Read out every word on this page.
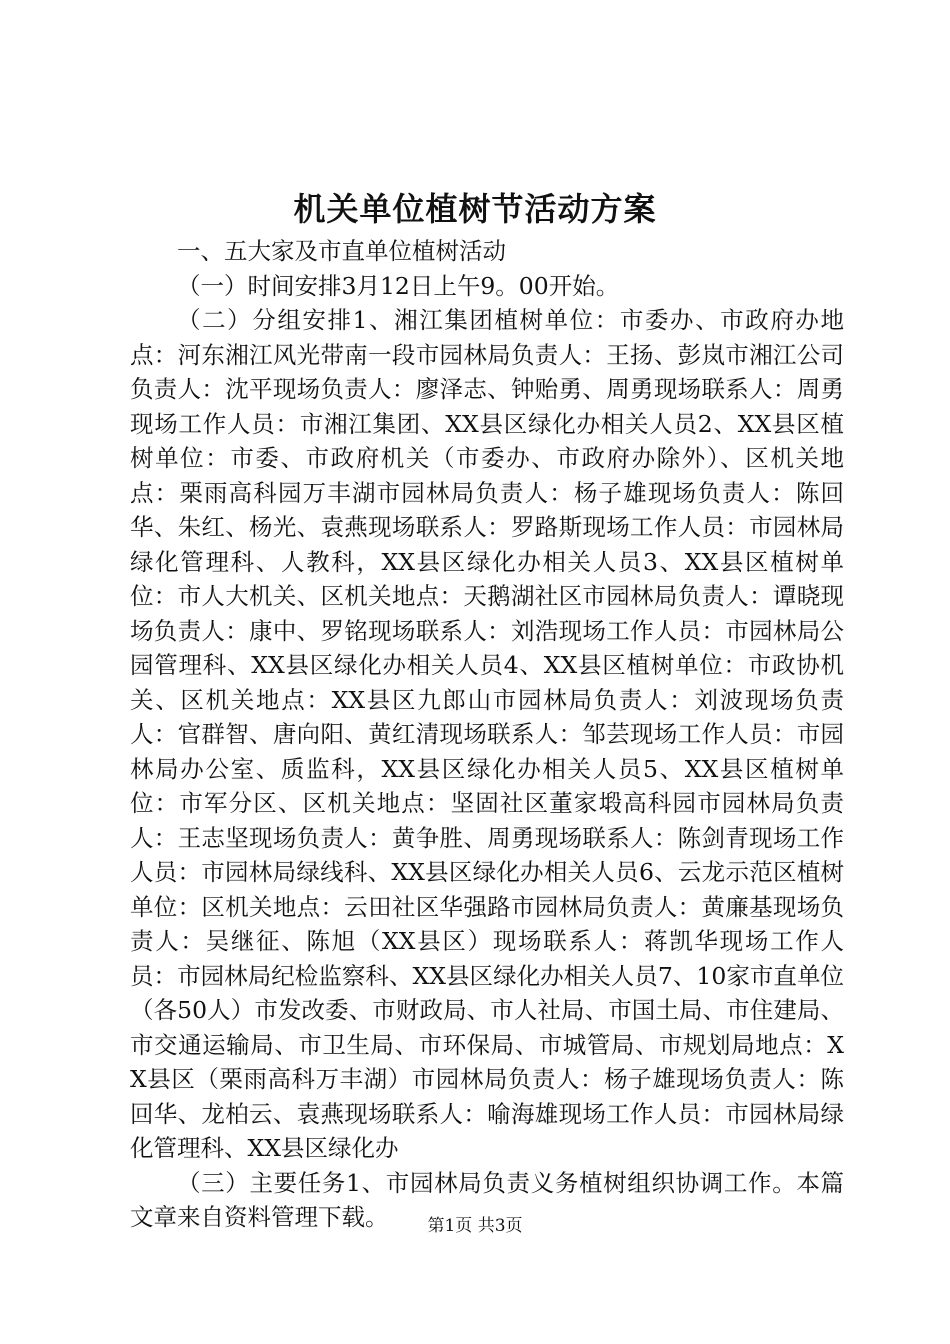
机关单位植树节活动方案

一、五大家及市直单位植树活动

（一）时间安排3月12日上午9。00开始。

（二）分组安排1、湘江集团植树单位：市委办、市政府办地点：河东湘江风光带南一段市园林局负责人：王扬、彭岚市湘江公司负责人：沈平现场负责人：廖泽志、钟贻勇、周勇现场联系人：周勇现场工作人员：市湘江集团、XX县区绿化办相关人员2、XX县区植树单位：市委、市政府机关（市委办、市政府办除外）、区机关地点：栗雨高科园万丰湖市园林局负责人：杨子雄现场负责人：陈回华、朱红、杨光、袁燕现场联系人：罗路斯现场工作人员：市园林局绿化管理科、人教科，XX县区绿化办相关人员3、XX县区植树单位：市人大机关、区机关地点：天鹅湖社区市园林局负责人：谭晓现场负责人：康中、罗铭现场联系人：刘浩现场工作人员：市园林局公园管理科、XX县区绿化办相关人员4、XX县区植树单位：市政协机关、区机关地点：XX县区九郎山市园林局负责人：刘波现场负责人：官群智、唐向阳、黄红清现场联系人：邹芸现场工作人员：市园林局办公室、质监科，XX县区绿化办相关人员5、XX县区植树单位：市军分区、区机关地点：坚固社区董家塅高科园市园林局负责人：王志坚现场负责人：黄争胜、周勇现场联系人：陈剑青现场工作人员：市园林局绿线科、XX县区绿化办相关人员6、云龙示范区植树单位：区机关地点：云田社区华强路市园林局负责人：黄廉基现场负责人：吴继征、陈旭（XX县区）现场联系人：蒋凯华现场工作人员：市园林局纪检监察科、XX县区绿化办相关人员7、10家市直单位（各50人）市发改委、市财政局、市人社局、市国土局、市住建局、市交通运输局、市卫生局、市环保局、市城管局、市规划局地点：XX县区（栗雨高科万丰湖）市园林局负责人：杨子雄现场负责人：陈回华、龙柏云、袁燕现场联系人：喻海雄现场工作人员：市园林局绿化管理科、XX县区绿化办

（三）主要任务1、市园林局负责义务植树组织协调工作。本篇文章来自资料管理下载。	第1页 共3页
